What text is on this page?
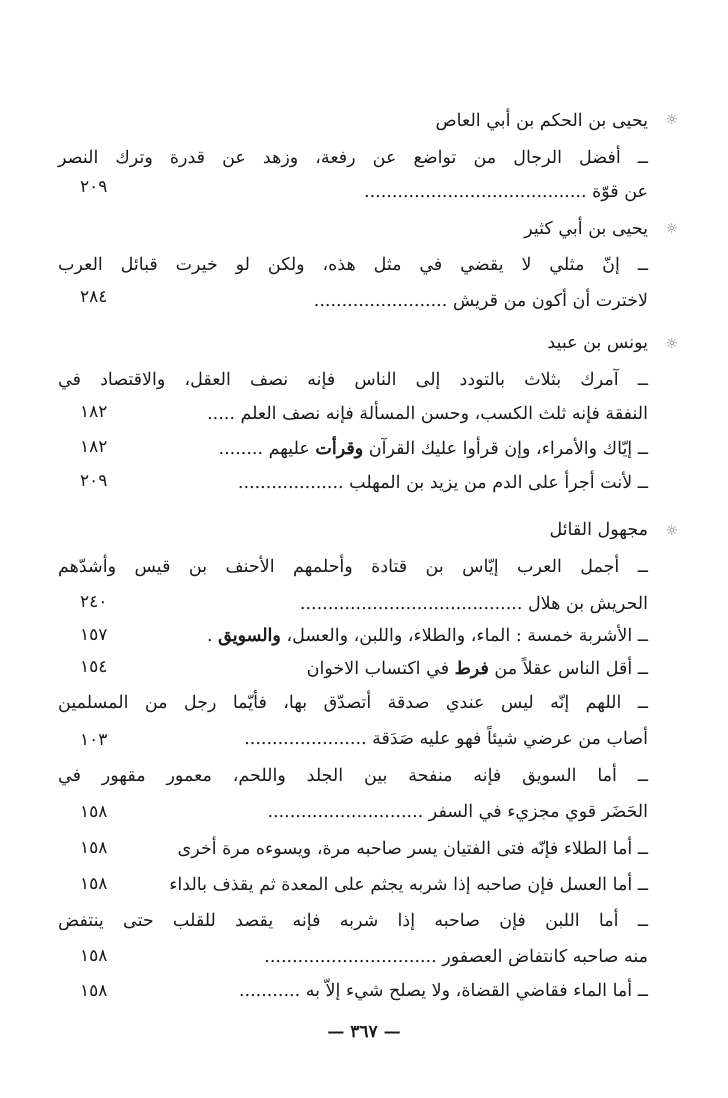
☼
يحيى بن الحكم بن أبي العاص
ــ أفضل الرجال من تواضع عن رفعة، وزهد عن قدرة وترك النصر
عن قوّة ........................................
٢٠٩
☼
يحيى بن أبي كثير
ــ إنّ مثلي لا يقضي في مثل هذه، ولكن لو خيرت قبائل العرب
لاخترت أن أكون من قريش ........................
٢٨٤
☼
يونس بن عبيد
ــ آمرك بثلاث بالتودد إلى الناس فإنه نصف العقل، والاقتصاد في
النفقة فإنه ثلث الكسب، وحسن المسألة فإنه نصف العلم .....
١٨٢
ــ إيّاك والأمراء، وإن قرأوا عليك القرآن وقرأت عليهم ........
١٨٢
ــ لأنت أجرأ على الدم من يزيد بن المهلب ...................
٢٠٩
☼
مجهول القائل
ــ أجمل العرب إيّاس بن قتادة وأحلمهم الأحنف بن قيس وأشدّهم
الحريش بن هلال ........................................
٢٤٠
ــ الأشربة خمسة : الماء، والطلاء، واللبن، والعسل، والسويق .
١٥٧
ــ أقل الناس عقلاً من فرط في اكتساب الاخوان
١٥٤
ــ اللهم إنّه ليس عندي صدقة أتصدّق بها، فأيّما رجل من المسلمين
أصاب من عرضي شيئاً فهو عليه صَدَقة ......................
١٠٣
ــ أما السويق فإنه منفحة بين الجلد واللحم، معمور مقهور في
الحَضَر قوي مجزيء في السفر ............................
١٥٨
ــ أما الطلاء فإنّه فتى الفتيان يسر صاحبه مرة، ويسوءه مرة أخرى
١٥٨
ــ أما العسل فإن صاحبه إذا شربه يجثم على المعدة ثم يقذف بالداء
١٥٨
ــ أما اللبن فإن صاحبه إذا شربه فإنه يقصد للقلب حتى ينتفض
منه صاحبه كانتفاض العصفور ...............................
١٥٨
ــ أما الماء فقاضي القضاة، ولا يصلح شيء إلاّ به ...........
١٥٨
— ٣٦٧ —
